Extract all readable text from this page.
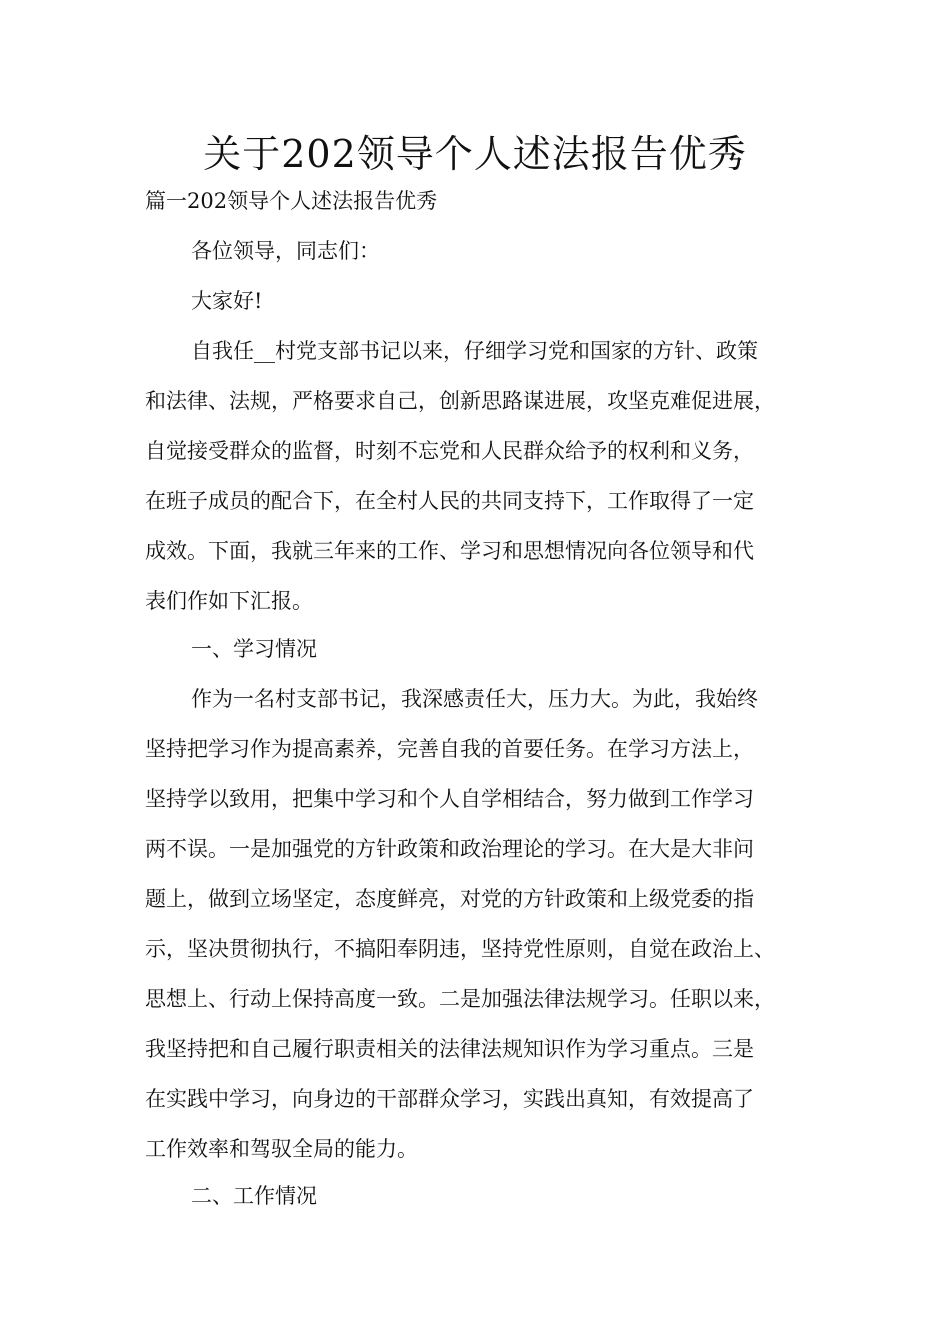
关于202领导个人述法报告优秀

篇一202领导个人述法报告优秀

各位领导，同志们：
大家好!
自我任__村党支部书记以来，仔细学习党和国家的方针、政策
和法律、法规，严格要求自己，创新思路谋进展，攻坚克难促进展，
自觉接受群众的监督，时刻不忘党和人民群众给予的权利和义务，
在班子成员的配合下，在全村人民的共同支持下，工作取得了一定
成效。下面，我就三年来的工作、学习和思想情况向各位领导和代
表们作如下汇报。
一、学习情况
作为一名村支部书记，我深感责任大，压力大。为此，我始终
坚持把学习作为提高素养，完善自我的首要任务。在学习方法上，
坚持学以致用，把集中学习和个人自学相结合，努力做到工作学习
两不误。一是加强党的方针政策和政治理论的学习。在大是大非问
题上，做到立场坚定，态度鲜亮，对党的方针政策和上级党委的指
示，坚决贯彻执行，不搞阳奉阴违，坚持党性原则，自觉在政治上、
思想上、行动上保持高度一致。二是加强法律法规学习。任职以来，
我坚持把和自己履行职责相关的法律法规知识作为学习重点。三是
在实践中学习，向身边的干部群众学习，实践出真知，有效提高了
工作效率和驾驭全局的能力。
二、工作情况
